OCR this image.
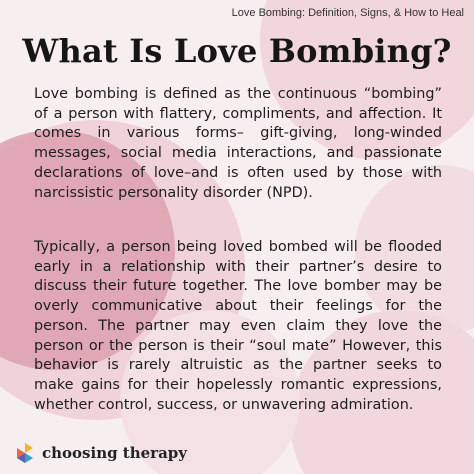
Love Bombing: Definition, Signs, & How to Heal
What Is Love Bombing?

Love bombing is defined as the continuous “bombing” of a person with flattery, compliments, and affection. It comes in various forms– gift-giving, long-winded messages, social media interactions, and passionate declarations of love–and is often used by those with narcissistic personality disorder (NPD).

Typically, a person being loved bombed will be flooded early in a relationship with their partner’s desire to discuss their future together. The love bomber may be overly communicative about their feelings for the person. The partner may even claim they love the person or the person is their “soul mate” However, this behavior is rarely altruistic as the partner seeks to make gains for their hopelessly romantic expressions, whether control, success, or unwavering admiration.

choosing therapy
